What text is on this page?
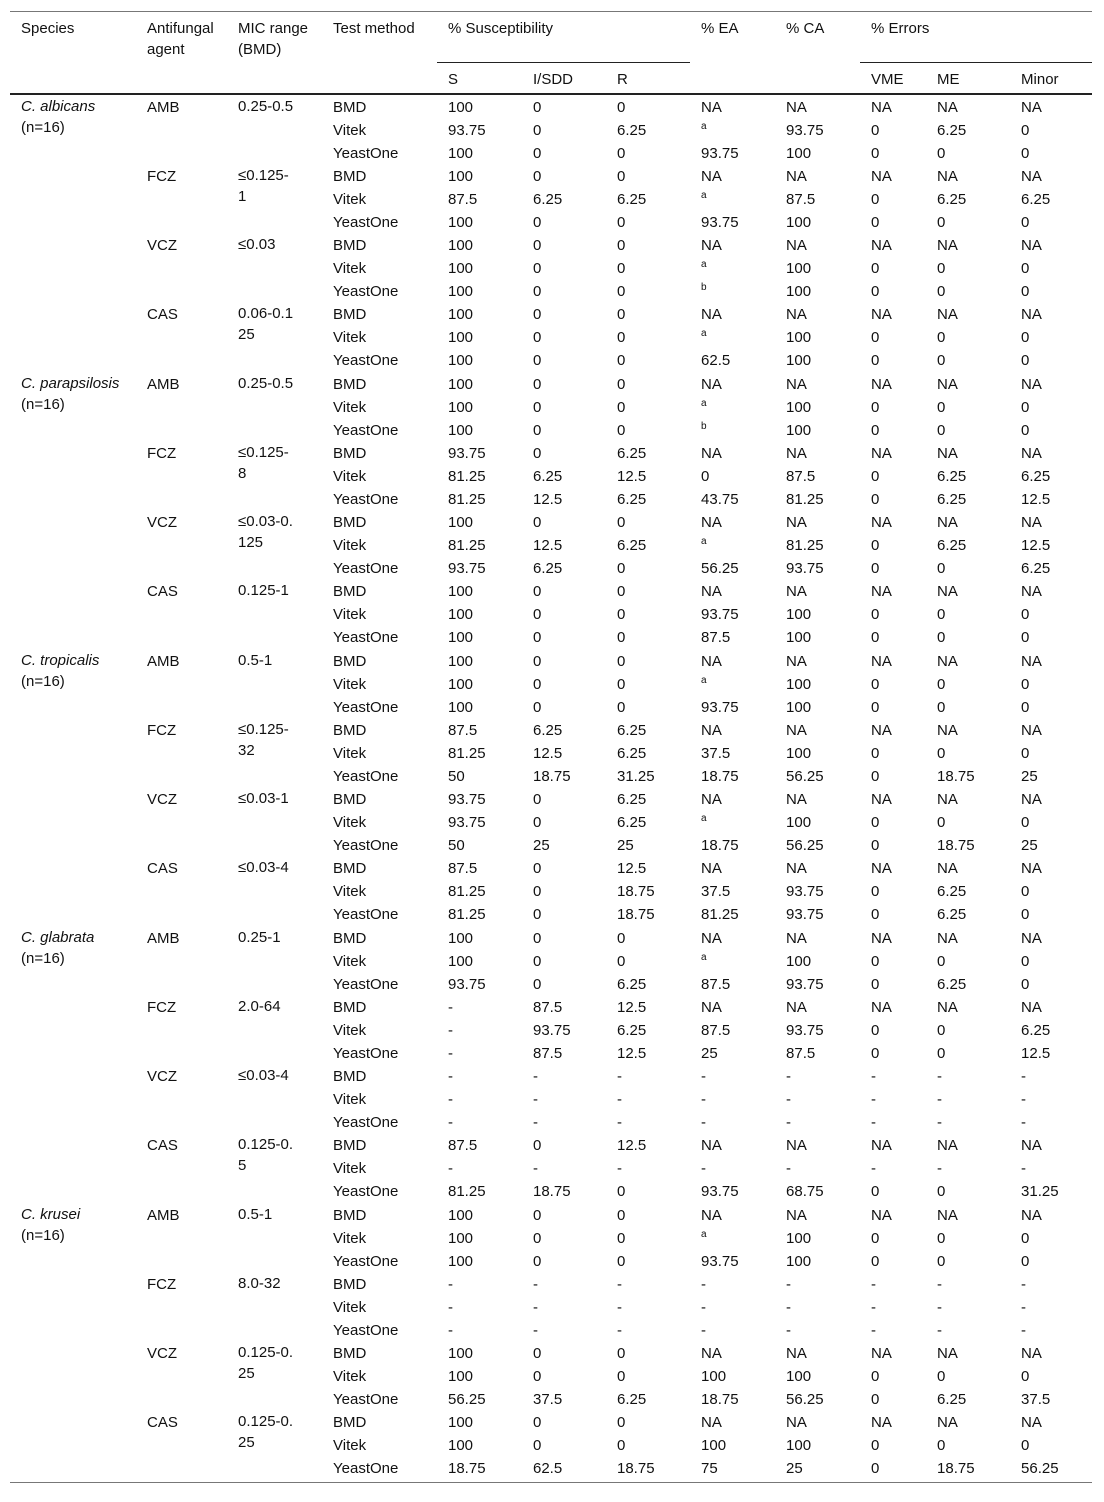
Species	Antifungal agent	MIC range (BMD)	Test method	% Susceptibility			% EA	% CA	% Errors		
				S	I/SDD	R			VME	ME	Minor
C. albicans
(n=16)	AMB	0.25-0.5	BMD	100	0	0	NA	NA	NA	NA	NA
			Vitek	93.75	0	6.25	$^a$	93.75	0	6.25	0
			YeastOne	100	0	0	93.75	100	0	0	0
	FCZ	≤0.125-1	BMD	100	0	0	NA	NA	NA	NA	NA
			Vitek	87.5	6.25	6.25	$^a$	87.5	0	6.25	6.25
			YeastOne	100	0	0	93.75	100	0	0	0
	VCZ	≤0.03	BMD	100	0	0	NA	NA	NA	NA	NA
			Vitek	100	0	0	$^a$	100	0	0	0
			YeastOne	100	0	0	$^b$	100	0	0	0
	CAS	0.06-0.125	BMD	100	0	0	NA	NA	NA	NA	NA
			Vitek	100	0	0	$^a$	100	0	0	0
			YeastOne	100	0	0	62.5	100	0	0	0
C. parapsilosis
(n=16)	AMB	0.25-0.5	BMD	100	0	0	NA	NA	NA	NA	NA
			Vitek	100	0	0	$^a$	100	0	0	0
			YeastOne	100	0	0	$^b$	100	0	0	0
	FCZ	≤0.125-8	BMD	93.75	0	6.25	NA	NA	NA	NA	NA
			Vitek	81.25	6.25	12.5	0	87.5	0	6.25	6.25
			YeastOne	81.25	12.5	6.25	43.75	81.25	0	6.25	12.5
	VCZ	≤0.03-0.125	BMD	100	0	0	NA	NA	NA	NA	NA
			Vitek	81.25	12.5	6.25	$^a$	81.25	0	6.25	12.5
			YeastOne	93.75	6.25	0	56.25	93.75	0	0	6.25
	CAS	0.125-1	BMD	100	0	0	NA	NA	NA	NA	NA
			Vitek	100	0	0	93.75	100	0	0	0
			YeastOne	100	0	0	87.5	100	0	0	0
C. tropicalis
(n=16)	AMB	0.5-1	BMD	100	0	0	NA	NA	NA	NA	NA
			Vitek	100	0	0	$^a$	100	0	0	0
			YeastOne	100	0	0	93.75	100	0	0	0
	FCZ	≤0.125-32	BMD	87.5	6.25	6.25	NA	NA	NA	NA	NA
			Vitek	81.25	12.5	6.25	37.5	100	0	0	0
			YeastOne	50	18.75	31.25	18.75	56.25	0	18.75	25
	VCZ	≤0.03-1	BMD	93.75	0	6.25	NA	NA	NA	NA	NA
			Vitek	93.75	0	6.25	$^a$	100	0	0	0
			YeastOne	50	25	25	18.75	56.25	0	18.75	25
	CAS	≤0.03-4	BMD	87.5	0	12.5	NA	NA	NA	NA	NA
			Vitek	81.25	0	18.75	37.5	93.75	0	6.25	0
			YeastOne	81.25	0	18.75	81.25	93.75	0	6.25	0
C. glabrata
(n=16)	AMB	0.25-1	BMD	100	0	0	NA	NA	NA	NA	NA
			Vitek	100	0	0	$^a$	100	0	0	0
			YeastOne	93.75	0	6.25	87.5	93.75	0	6.25	0
	FCZ	2.0-64	BMD	-	87.5	12.5	NA	NA	NA	NA	NA
			Vitek	-	93.75	6.25	87.5	93.75	0	0	6.25
			YeastOne	-	87.5	12.5	25	87.5	0	0	12.5
	VCZ	≤0.03-4	BMD	-	-	-	-	-	-	-	-
			Vitek	-	-	-	-	-	-	-	-
			YeastOne	-	-	-	-	-	-	-	-
	CAS	0.125-0.5	BMD	87.5	0	12.5	NA	NA	NA	NA	NA
			Vitek	-	-	-	-	-	-	-	-
			YeastOne	81.25	18.75	0	93.75	68.75	0	0	31.25
C. krusei
(n=16)	AMB	0.5-1	BMD	100	0	0	NA	NA	NA	NA	NA
			Vitek	100	0	0	$^a$	100	0	0	0
			YeastOne	100	0	0	93.75	100	0	0	0
	FCZ	8.0-32	BMD	-	-	-	-	-	-	-	-
			Vitek	-	-	-	-	-	-	-	-
			YeastOne	-	-	-	-	-	-	-	-
	VCZ	0.125-0.25	BMD	100	0	0	NA	NA	NA	NA	NA
			Vitek	100	0	0	100	100	0	0	0
			YeastOne	56.25	37.5	6.25	18.75	56.25	0	6.25	37.5
	CAS	0.125-0.25	BMD	100	0	0	NA	NA	NA	NA	NA
			Vitek	100	0	0	100	100	0	0	0
			YeastOne	18.75	62.5	18.75	75	25	0	18.75	56.25
